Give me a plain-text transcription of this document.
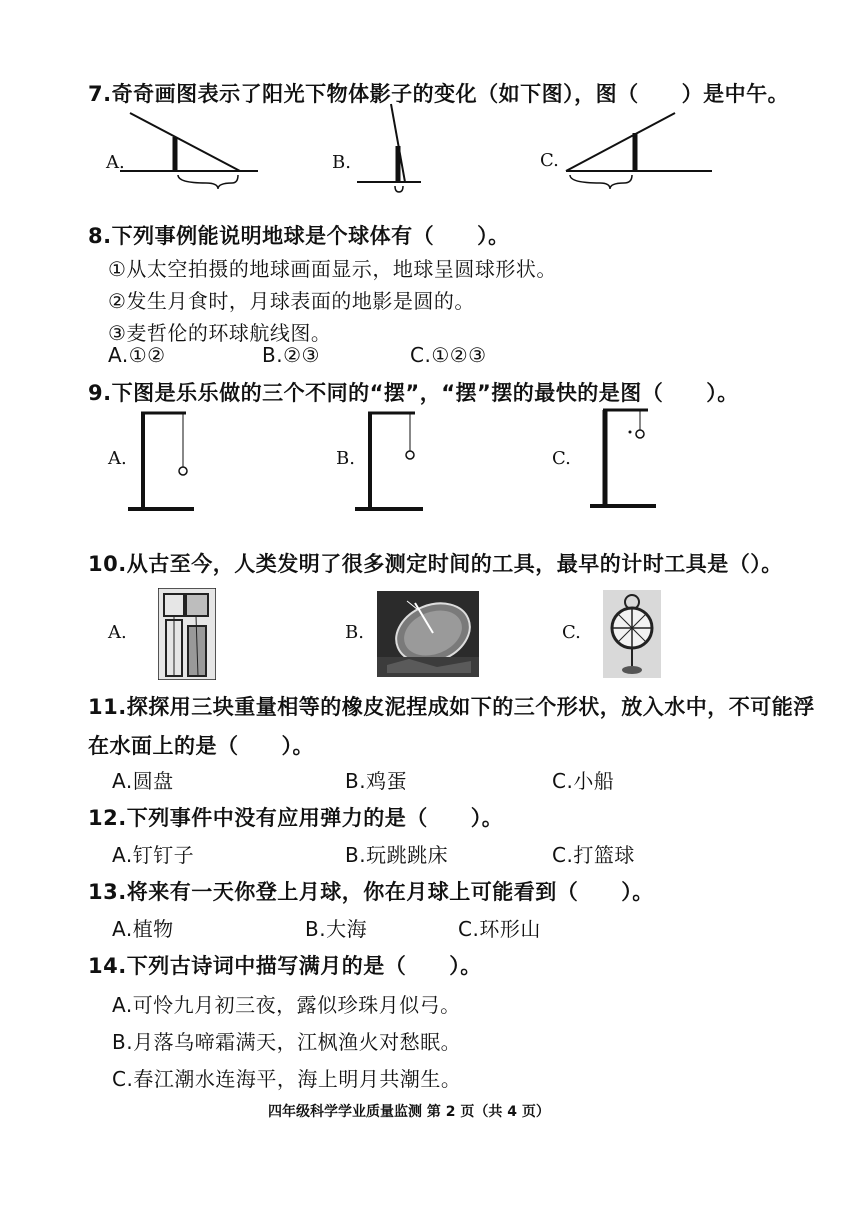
7.奇奇画图表示了阳光下物体影子的变化（如下图），图（　　）是中午。
A.	B.	C.
8.下列事例能说明地球是个球体有（　　）。
①从太空拍摄的地球画面显示，地球呈圆球形状。
②发生月食时，月球表面的地影是圆的。
③麦哲伦的环球航线图。
A.①②	B.②③	C.①②③
9.下图是乐乐做的三个不同的“摆”，“摆”摆的最快的是图（　　）。
A.	B.	C.
10.从古至今，人类发明了很多测定时间的工具，最早的计时工具是（）。
A.	B.	C.
11.探探用三块重量相等的橡皮泥捏成如下的三个形状，放入水中，不可能浮
在水面上的是（　　）。
A.圆盘	B.鸡蛋	C.小船
12.下列事件中没有应用弹力的是（　　）。
A.钉钉子	B.玩跳跳床	C.打篮球
13.将来有一天你登上月球，你在月球上可能看到（　　）。
A.植物	B.大海	C.环形山
14.下列古诗词中描写满月的是（　　）。
A.可怜九月初三夜，露似珍珠月似弓。
B.月落乌啼霜满天，江枫渔火对愁眠。
C.春江潮水连海平，海上明月共潮生。
四年级科学学业质量监测 第 2 页（共 4 页）
